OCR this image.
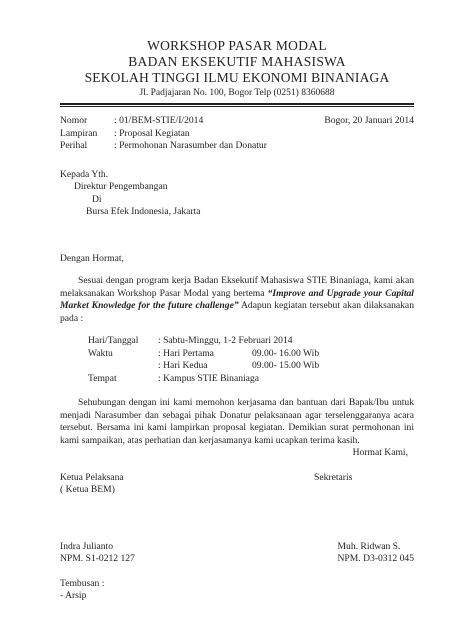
WORKSHOP PASAR MODAL
BADAN EKSEKUTIF MAHASISWA
SEKOLAH TINGGI ILMU EKONOMI BINANIAGA
Jl. Padjajaran No. 100, Bogor Telp (0251) 8360688
Nomor	: 01/BEM-STIE/I/2014
Lampiran	: Proposal Kegiatan
Perihal	: Permohonan Narasumber dan Donatur
Bogor, 20 Januari 2014
Kepada Yth.
Direktur Pengembangan
Di
Bursa Efek Indonesia, Jakarta
Dengan Hormat,
Sesuai dengan program kerja Badan Eksekutif Mahasiswa STIE Binaniaga, kami akan melaksanakan Workshop Pasar Modal yang bertema “Improve and Upgrade your Capital Market Knowledge for the future challenge” Adapun kegiatan tersebut akan dilaksanakan pada :
Hari/Tanggal	: Sabtu-Minggu, 1-2 Februari 2014
Waktu	: Hari Pertama	09.00- 16.00 Wib
: Hari Kedua	09.00- 15.00 Wib
Tempat	: Kampus STIE Binaniaga
Sehubungan dengan ini kami memohon kerjasama dan bantuan dari Bapak/Ibu untuk menjadi Narasumber dan sebagai pihak Donatur pelaksanaan agar terselenggaranya acara tersebut. Bersama ini kami lampirkan proposal kegiatan. Demikian surat permohonan ini kami sampaikan, atas perhatian dan kerjasamanya kami ucapkan terima kasih.
Hormat Kami,
Ketua Pelaksana
( Ketua BEM)
Sekretaris
Indra Julianto
NPM. S1-0212 127
Muh. Ridwan S.
NPM. D3-0312 045
Tembusan :
- Arsip
